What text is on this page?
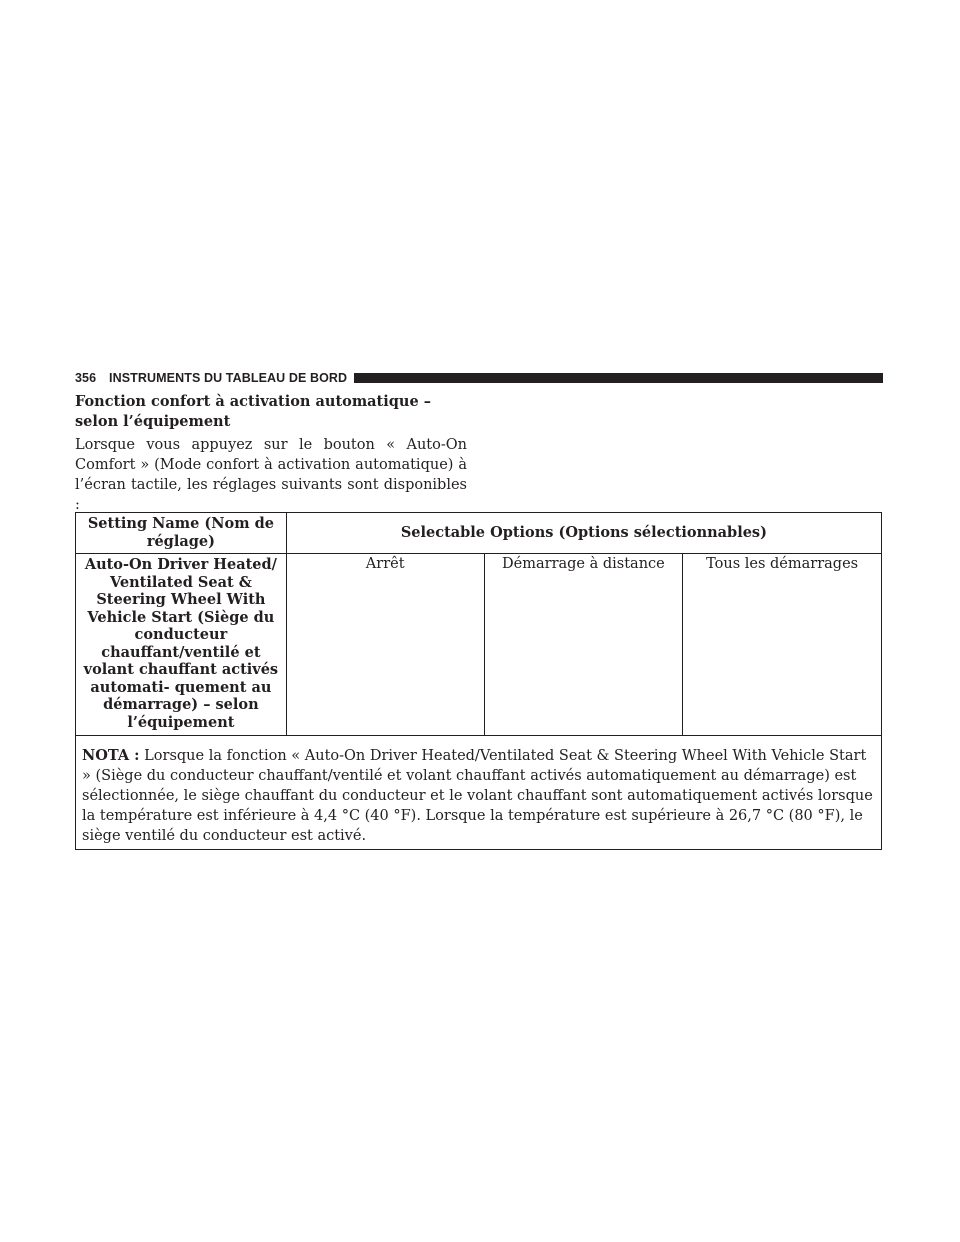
356 INSTRUMENTS DU TABLEAU DE BORD
Fonction confort à activation automatique – selon l’équipement
Lorsque vous appuyez sur le bouton « Auto-On Comfort » (Mode confort à activation automatique) à l’écran tactile, les réglages suivants sont disponibles :
Setting Name (Nom de réglage)	Selectable Options (Options sélectionnables)		
Auto-On Driver Heated/ Ventilated Seat & Steering Wheel With Vehicle Start (Siège du conducteur chauffant/ventilé et volant chauffant activés automati- quement au démarrage) – selon l’équipement	Arrêt	Démarrage à distance	Tous les démarrages
NOTA : Lorsque la fonction « Auto-On Driver Heated/Ventilated Seat & Steering Wheel With Vehicle Start » (Siège du conducteur chauffant/ventilé et volant chauffant activés automatiquement au démarrage) est sélectionnée, le siège chauffant du conducteur et le volant chauffant sont automatiquement activés lorsque la température est inférieure à 4,4 °C (40 °F). Lorsque la température est supérieure à 26,7 °C (80 °F), le siège ventilé du conducteur est activé.			
